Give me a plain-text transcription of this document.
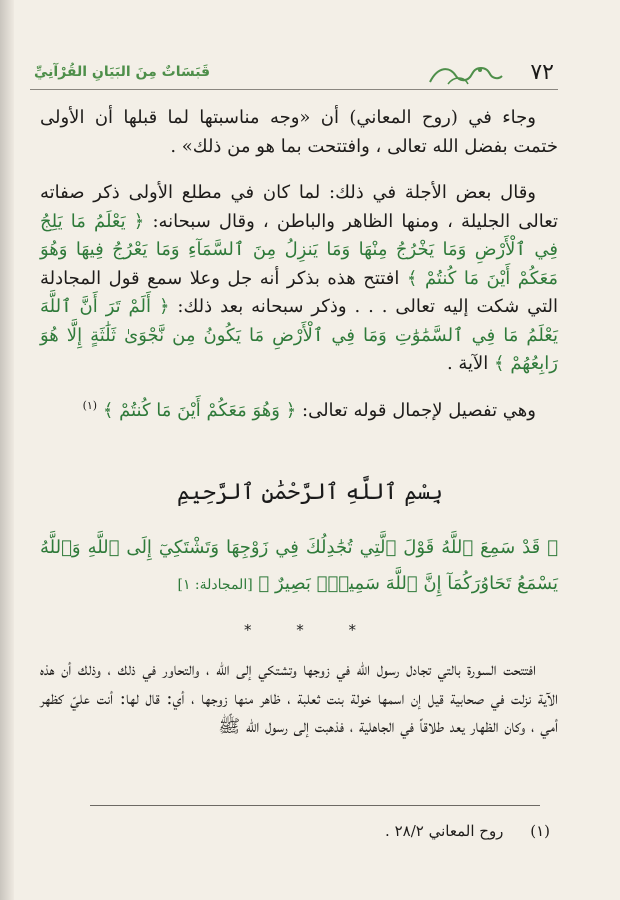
٧٢
قَبَسَاتٌ مِنَ البَيَانِ القُرْآنِيِّ

وجاء في (روح المعاني) أن «وجه مناسبتها لما قبلها أن الأولى ختمت بفضل الله تعالى ، وافتتحت بما هو من ذلك» .

وقال بعض الأجلة في ذلك: لما كان في مطلع الأولى ذكر صفاته تعالى الجليلة ، ومنها الظاهر والباطن ، وقال سبحانه: ﴿ يَعْلَمُ مَا يَلِجُ فِي ٱلْأَرْضِ وَمَا يَخْرُجُ مِنْهَا وَمَا يَنزِلُ مِنَ ٱلسَّمَآءِ وَمَا يَعْرُجُ فِيهَا وَهُوَ مَعَكُمْ أَيْنَ مَا كُنتُمْ ﴾ افتتح هذه بذكر أنه جل وعلا سمع قول المجادلة التي شكت إليه تعالى . . . وذكر سبحانه بعد ذلك: ﴿ أَلَمْ تَرَ أَنَّ ٱللَّهَ يَعْلَمُ مَا فِي ٱلسَّمَٰوَٰتِ وَمَا فِي ٱلْأَرْضِ مَا يَكُونُ مِن نَّجْوَىٰ ثَلَٰثَةٍ إِلَّا هُوَ رَابِعُهُمْ ﴾ الآية .

وهي تفصيل لإجمال قوله تعالى: ﴿ وَهُوَ مَعَكُمْ أَيْنَ مَا كُنتُمْ ﴾ $^{(١)}$

بِسْمِ ٱللَّهِ ٱلرَّحْمَٰنِ ٱلرَّحِيمِ
﴿ قَدْ سَمِعَ ٱللَّهُ قَوْلَ ٱلَّتِي تُجَٰدِلُكَ فِي زَوْجِهَا وَتَشْتَكِيٓ إِلَى ٱللَّهِ وَٱللَّهُ يَسْمَعُ تَحَاوُرَكُمَآ إِنَّ ٱللَّهَ سَمِيعٌۢ بَصِيرٌ ﴾ [المجادلة: ١]
* * *

افتتحت السورة بالتي تجادل رسول الله في زوجها وتشتكي إلى الله ، والتحاور في ذلك ، وذلك أن هذه الآية نزلت في صحابية قيل إن اسمها خولة بنت ثعلبة ، ظاهر منها زوجها ، أي: قال لها: أنت عليّ كظهر أمي ، وكان الظهار يعد طلاقاً في الجاهلية ، فذهبت إلى رسول الله ﷺ

(١) روح المعاني ٢٨/٢ .
